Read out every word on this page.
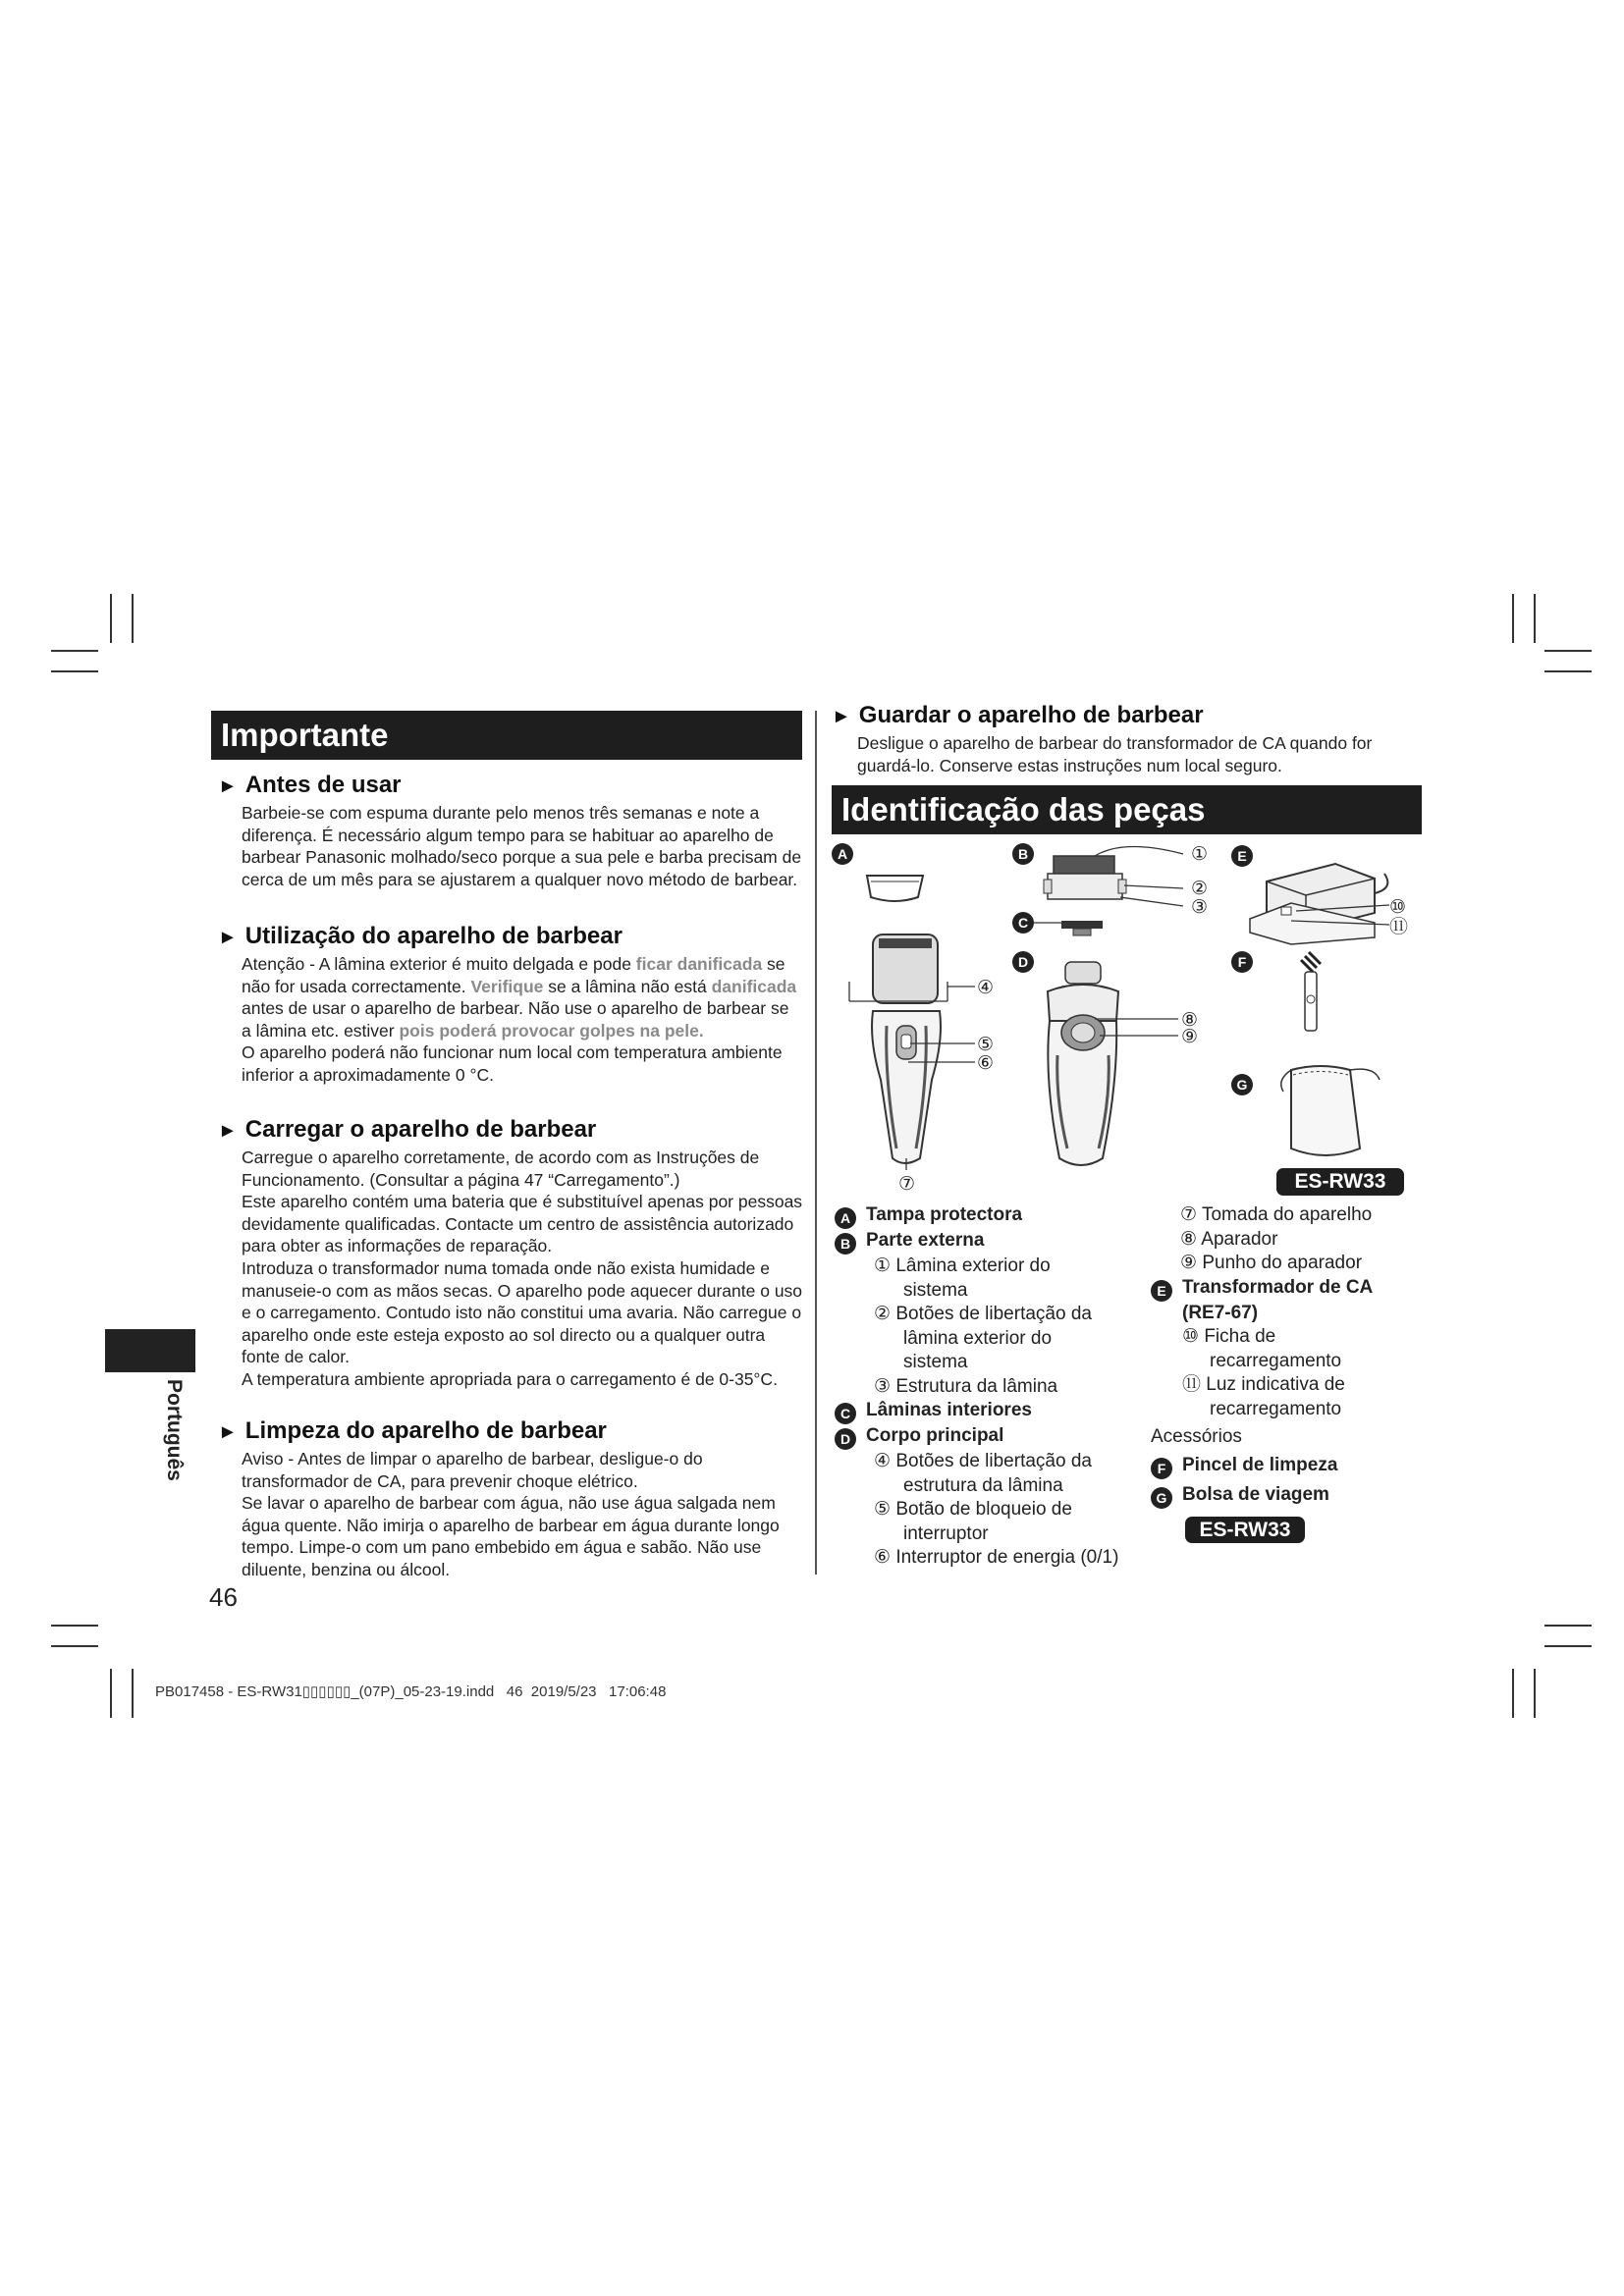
Importante
► Antes de usar

Barbeie-se com espuma durante pelo menos três semanas e note a diferença. É necessário algum tempo para se habituar ao aparelho de barbear Panasonic molhado/seco porque a sua pele e barba precisam de cerca de um mês para se ajustarem a qualquer novo método de barbear.

► Utilização do aparelho de barbear

Atenção - A lâmina exterior é muito delgada e pode ficar danificada se não for usada correctamente. Verifique se a lâmina não está danificada antes de usar o aparelho de barbear. Não use o aparelho de barbear se a lâmina etc. estiver pois poderá provocar golpes na pele.

O aparelho poderá não funcionar num local com temperatura ambiente inferior a aproximadamente 0 °C.

► Carregar o aparelho de barbear

Carregue o aparelho corretamente, de acordo com as Instruções de Funcionamento. (Consultar a página 47 “Carregamento”.)

Este aparelho contém uma bateria que é substituível apenas por pessoas devidamente qualificadas. Contacte um centro de assistência autorizado para obter as informações de reparação.

Introduza o transformador numa tomada onde não exista humidade e manuseie-o com as mãos secas. O aparelho pode aquecer durante o uso e o carregamento. Contudo isto não constitui uma avaria. Não carregue o aparelho onde este esteja exposto ao sol directo ou a qualquer outra fonte de calor.

A temperatura ambiente apropriada para o carregamento é de 0-35°C.

► Limpeza do aparelho de barbear

Aviso - Antes de limpar o aparelho de barbear, desligue-o do transformador de CA, para prevenir choque elétrico.

Se lavar o aparelho de barbear com água, não use água salgada nem água quente. Não imirja o aparelho de barbear em água durante longo tempo. Limpe-o com um pano embebido em água e sabão. Não use diluente, benzina ou álcool.

Português
46
► Guardar o aparelho de barbear

Desligue o aparelho de barbear do transformador de CA quando for guardá-lo. Conserve estas instruções num local seguro.

Identificação das peças
A	B
C
D
E
F
G
①
②
③
④
⑤
⑥
⑦
⑧
⑨
⑩
⑪
ES-RW33
A Tampa protectora
B Parte externa
① Lâmina exterior do
sistema
② Botões de libertação da
lâmina exterior do
sistema
③ Estrutura da lâmina
C Lâminas interiores
D Corpo principal
④ Botões de libertação da
estrutura da lâmina
⑤ Botão de bloqueio de
interruptor
⑥ Interruptor de energia (0/1)
⑦ Tomada do aparelho
⑧ Aparador
⑨ Punho do aparador
E Transformador de CA
(RE7-67)
⑩ Ficha de
recarregamento
⑪ Luz indicativa de
recarregamento
Acessórios
F Pincel de limpeza
G Bolsa de viagem
ES-RW33
PB017458 - ES-RW31▯▯▯▯▯▯_(07P)_05-23-19.indd   46  2019/5/23   17:06:48
